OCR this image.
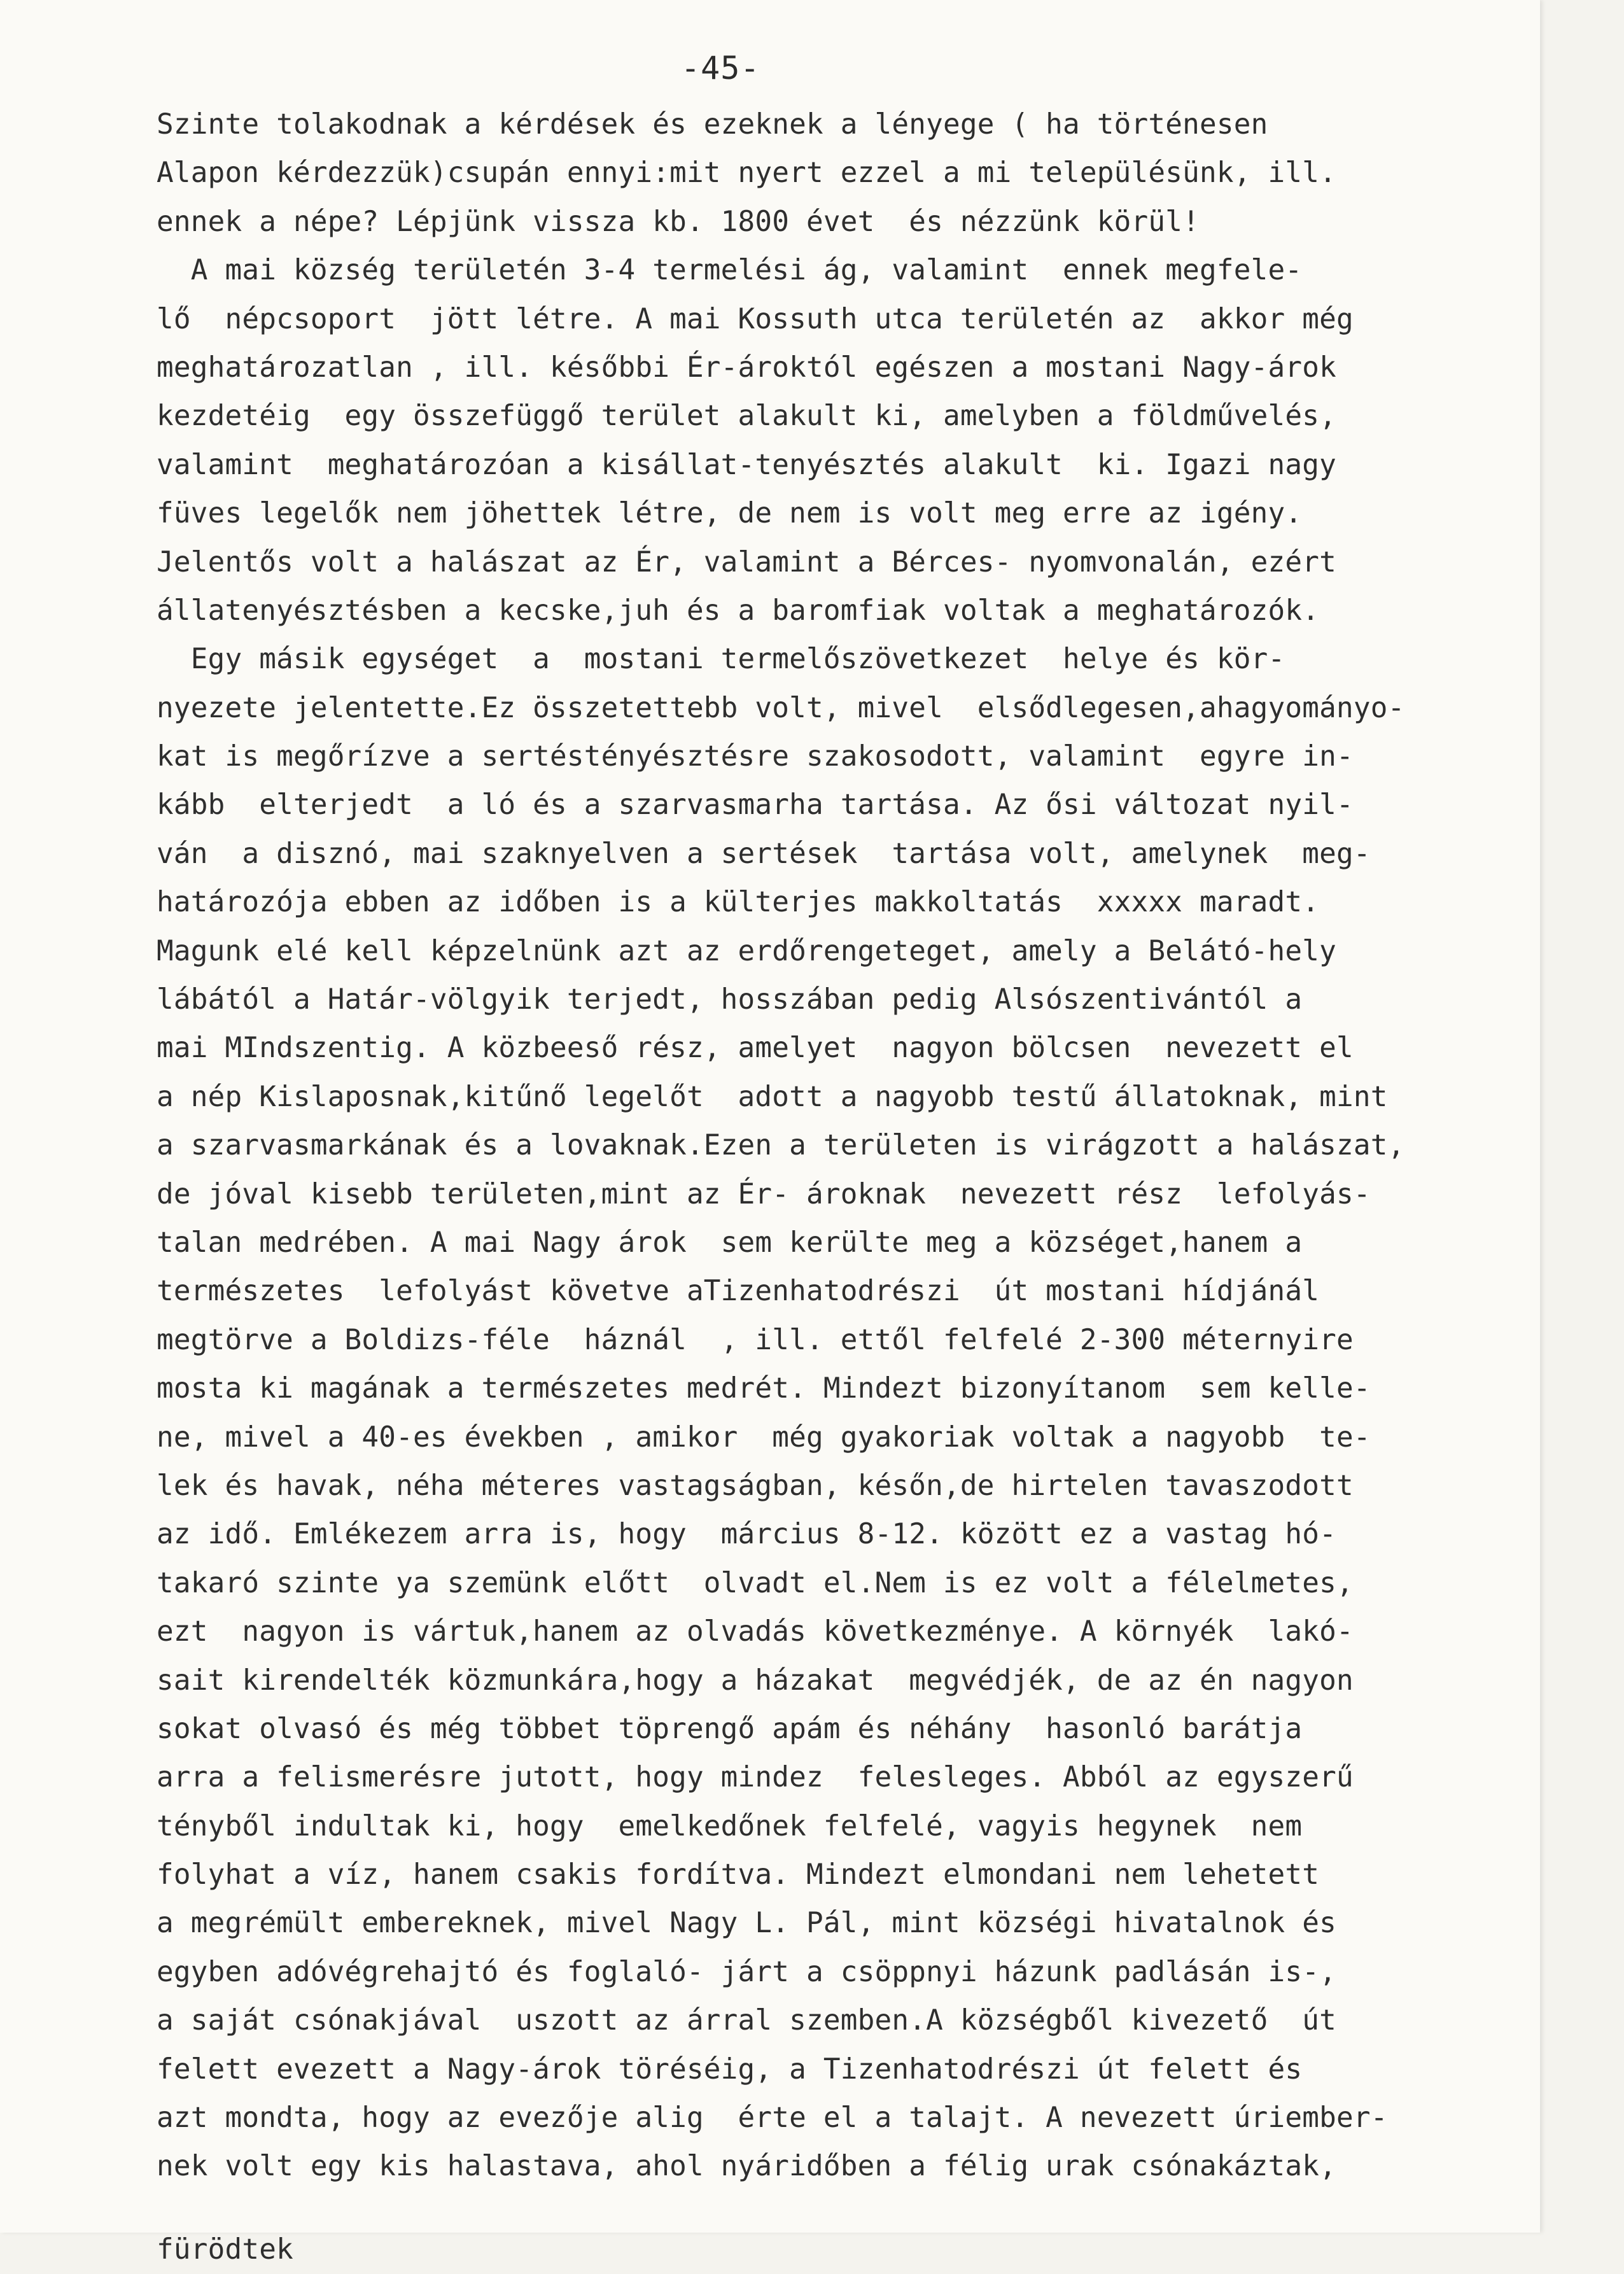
-45-
Szinte tolakodnak a kérdések és ezeknek a lényege ( ha történesen
Alapon kérdezzük)csupán ennyi:mit nyert ezzel a mi településünk, ill.
ennek a népe? Lépjünk vissza kb. 1800 évet  és nézzünk körül!
A mai község területén 3-4 termelési ág, valamint  ennek megfele-
lő  népcsoport  jött létre. A mai Kossuth utca területén az  akkor még
meghatározatlan , ill. későbbi Ér-ároktól egészen a mostani Nagy-árok
kezdetéig  egy összefüggő terület alakult ki, amelyben a földművelés,
valamint  meghatározóan a kisállat-tenyésztés alakult  ki. Igazi nagy
füves legelők nem jöhettek létre, de nem is volt meg erre az igény.
Jelentős volt a halászat az Ér, valamint a Bérces- nyomvonalán, ezért
állatenyésztésben a kecske,juh és a baromfiak voltak a meghatározók.
Egy másik egységet  a  mostani termelőszövetkezet  helye és kör-
nyezete jelentette.Ez összetettebb volt, mivel  elsődlegesen,ahagyományo-
kat is megőrízve a sertéstényésztésre szakosodott, valamint  egyre in-
kább  elterjedt  a ló és a szarvasmarha tartása. Az ősi változat nyil-
ván  a disznó, mai szaknyelven a sertések  tartása volt, amelynek  meg-
határozója ebben az időben is a külterjes makkoltatás  xxxxx maradt.
Magunk elé kell képzelnünk azt az erdőrengeteget, amely a Belátó-hely
lábától a Határ-völgyik terjedt, hosszában pedig Alsószentivántól a
mai MIndszentig. A közbeeső rész, amelyet  nagyon bölcsen  nevezett el
a nép Kislaposnak,kitűnő legelőt  adott a nagyobb testű állatoknak, mint
a szarvasmarkának és a lovaknak.Ezen a területen is virágzott a halászat,
de jóval kisebb területen,mint az Ér- ároknak  nevezett rész  lefolyás-
talan medrében. A mai Nagy árok  sem kerülte meg a községet,hanem a
természetes  lefolyást követve aTizenhatodrészi  út mostani hídjánál
megtörve a Boldizs-féle  háznál  , ill. ettől felfelé 2-300 méternyire
mosta ki magának a természetes medrét. Mindezt bizonyítanom  sem kelle-
ne, mivel a 40-es években , amikor  még gyakoriak voltak a nagyobb  te-
lek és havak, néha méteres vastagságban, későn,de hirtelen tavaszodott
az idő. Emlékezem arra is, hogy  március 8-12. között ez a vastag hó-
takaró szinte ya szemünk előtt  olvadt el.Nem is ez volt a félelmetes,
ezt  nagyon is vártuk,hanem az olvadás következménye. A környék  lakó-
sait kirendelték közmunkára,hogy a házakat  megvédjék, de az én nagyon
sokat olvasó és még többet töprengő apám és néhány  hasonló barátja
arra a felismerésre jutott, hogy mindez  felesleges. Abból az egyszerű
tényből indultak ki, hogy  emelkedőnek felfelé, vagyis hegynek  nem
folyhat a víz, hanem csakis fordítva. Mindezt elmondani nem lehetett
a megrémült embereknek, mivel Nagy L. Pál, mint községi hivatalnok és
egyben adóvégrehajtó és foglaló- járt a csöppnyi házunk padlásán is-,
a saját csónakjával  uszott az árral szemben.A községből kivezető  út
felett evezett a Nagy-árok töréséig, a Tizenhatodrészi út felett és
azt mondta, hogy az evezője alig  érte el a talajt. A nevezett úriember-
nek volt egy kis halastava, ahol nyáridőben a félig urak csónakáztak,
fürödtek
